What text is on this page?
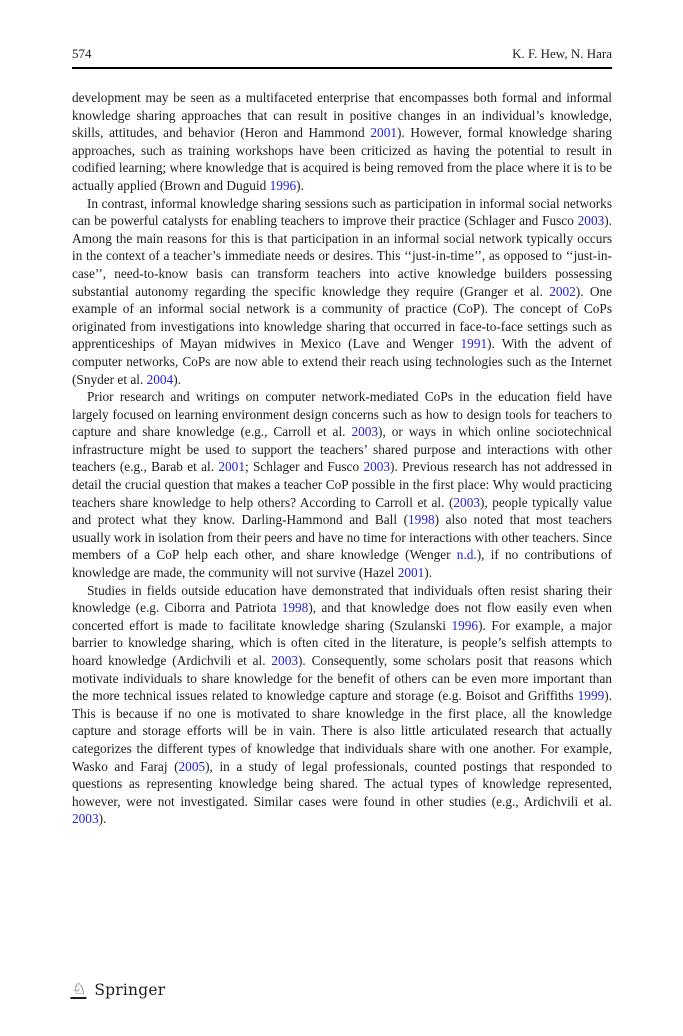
574	K. F. Hew, N. Hara

development may be seen as a multifaceted enterprise that encompasses both formal and informal knowledge sharing approaches that can result in positive changes in an individual’s knowledge, skills, attitudes, and behavior (Heron and Hammond 2001). However, formal knowledge sharing approaches, such as training workshops have been criticized as having the potential to result in codified learning; where knowledge that is acquired is being removed from the place where it is to be actually applied (Brown and Duguid 1996).

In contrast, informal knowledge sharing sessions such as participation in informal social networks can be powerful catalysts for enabling teachers to improve their practice (Schlager and Fusco 2003). Among the main reasons for this is that participation in an informal social network typically occurs in the context of a teacher’s immediate needs or desires. This ‘‘just-in-time’’, as opposed to ‘‘just-in-case’’, need-to-know basis can transform teachers into active knowledge builders possessing substantial autonomy regarding the specific knowledge they require (Granger et al. 2002). One example of an informal social network is a community of practice (CoP). The concept of CoPs originated from investigations into knowledge sharing that occurred in face-to-face settings such as apprenticeships of Mayan midwives in Mexico (Lave and Wenger 1991). With the advent of computer networks, CoPs are now able to extend their reach using technologies such as the Internet (Snyder et al. 2004).

Prior research and writings on computer network-mediated CoPs in the education field have largely focused on learning environment design concerns such as how to design tools for teachers to capture and share knowledge (e.g., Carroll et al. 2003), or ways in which online sociotechnical infrastructure might be used to support the teachers’ shared purpose and interactions with other teachers (e.g., Barab et al. 2001; Schlager and Fusco 2003). Previous research has not addressed in detail the crucial question that makes a teacher CoP possible in the first place: Why would practicing teachers share knowledge to help others? According to Carroll et al. (2003), people typically value and protect what they know. Darling-Hammond and Ball (1998) also noted that most teachers usually work in isolation from their peers and have no time for interactions with other teachers. Since members of a CoP help each other, and share knowledge (Wenger n.d.), if no contributions of knowledge are made, the community will not survive (Hazel 2001).

Studies in fields outside education have demonstrated that individuals often resist sharing their knowledge (e.g. Ciborra and Patriota 1998), and that knowledge does not flow easily even when concerted effort is made to facilitate knowledge sharing (Szulanski 1996). For example, a major barrier to knowledge sharing, which is often cited in the literature, is people’s selfish attempts to hoard knowledge (Ardichvili et al. 2003). Consequently, some scholars posit that reasons which motivate individuals to share knowledge for the benefit of others can be even more important than the more technical issues related to knowledge capture and storage (e.g. Boisot and Griffiths 1999). This is because if no one is motivated to share knowledge in the first place, all the knowledge capture and storage efforts will be in vain. There is also little articulated research that actually categorizes the different types of knowledge that individuals share with one another. For example, Wasko and Faraj (2005), in a study of legal professionals, counted postings that responded to questions as representing knowledge being shared. The actual types of knowledge represented, however, were not investigated. Similar cases were found in other studies (e.g., Ardichvili et al. 2003).

♘ Springer
